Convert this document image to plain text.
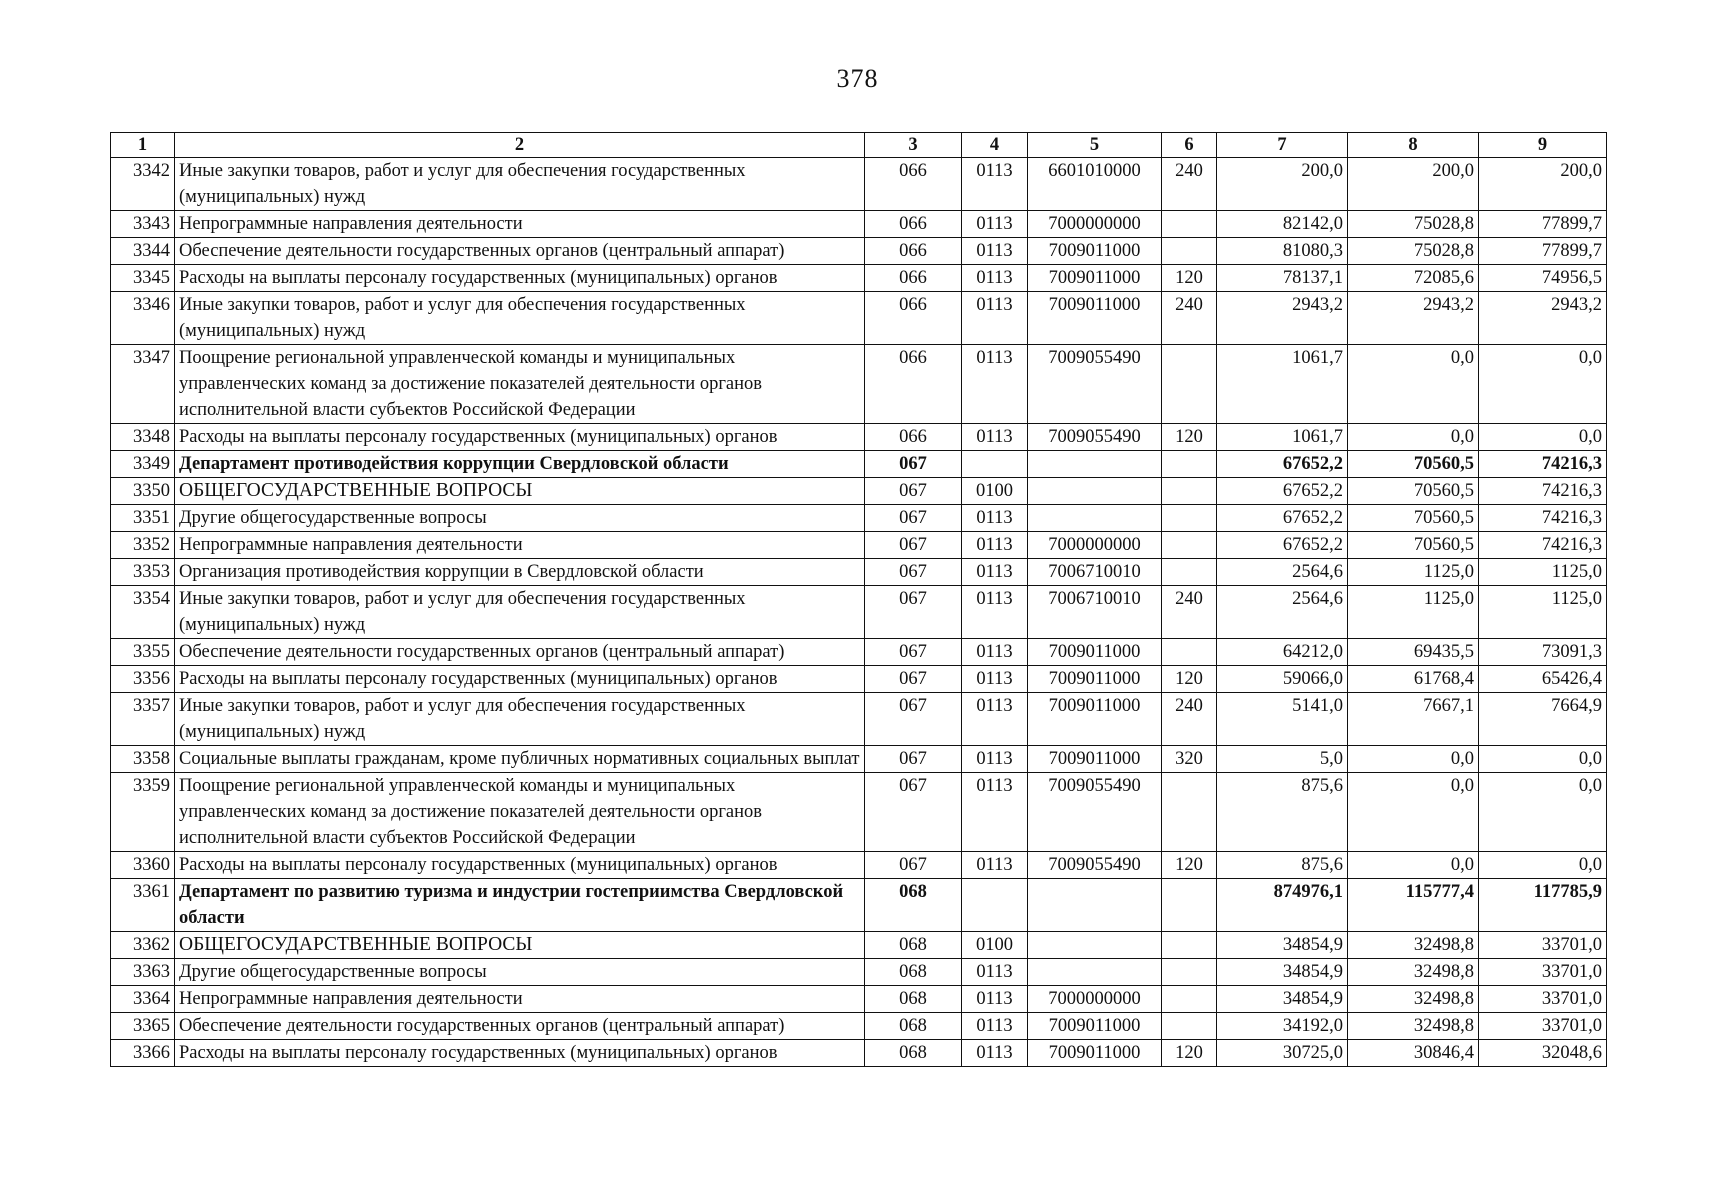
378
1	2	3	4	5	6	7	8	9
3342	Иные закупки товаров, работ и услуг для обеспечения государственных (муниципальных) нужд	066	0113	6601010000	240	200,0	200,0	200,0
3343	Непрограммные направления деятельности	066	0113	7000000000		82142,0	75028,8	77899,7
3344	Обеспечение деятельности государственных органов (центральный аппарат)	066	0113	7009011000		81080,3	75028,8	77899,7
3345	Расходы на выплаты персоналу государственных (муниципальных) органов	066	0113	7009011000	120	78137,1	72085,6	74956,5
3346	Иные закупки товаров, работ и услуг для обеспечения государственных (муниципальных) нужд	066	0113	7009011000	240	2943,2	2943,2	2943,2
3347	Поощрение региональной управленческой команды и муниципальных управленческих команд за достижение показателей деятельности органов исполнительной власти субъектов Российской Федерации	066	0113	7009055490		1061,7	0,0	0,0
3348	Расходы на выплаты персоналу государственных (муниципальных) органов	066	0113	7009055490	120	1061,7	0,0	0,0
3349	Департамент противодействия коррупции Свердловской области	067				67652,2	70560,5	74216,3
3350	ОБЩЕГОСУДАРСТВЕННЫЕ ВОПРОСЫ	067	0100			67652,2	70560,5	74216,3
3351	Другие общегосударственные вопросы	067	0113			67652,2	70560,5	74216,3
3352	Непрограммные направления деятельности	067	0113	7000000000		67652,2	70560,5	74216,3
3353	Организация противодействия коррупции в Свердловской области	067	0113	7006710010		2564,6	1125,0	1125,0
3354	Иные закупки товаров, работ и услуг для обеспечения государственных (муниципальных) нужд	067	0113	7006710010	240	2564,6	1125,0	1125,0
3355	Обеспечение деятельности государственных органов (центральный аппарат)	067	0113	7009011000		64212,0	69435,5	73091,3
3356	Расходы на выплаты персоналу государственных (муниципальных) органов	067	0113	7009011000	120	59066,0	61768,4	65426,4
3357	Иные закупки товаров, работ и услуг для обеспечения государственных (муниципальных) нужд	067	0113	7009011000	240	5141,0	7667,1	7664,9
3358	Социальные выплаты гражданам, кроме публичных нормативных социальных выплат	067	0113	7009011000	320	5,0	0,0	0,0
3359	Поощрение региональной управленческой команды и муниципальных управленческих команд за достижение показателей деятельности органов исполнительной власти субъектов Российской Федерации	067	0113	7009055490		875,6	0,0	0,0
3360	Расходы на выплаты персоналу государственных (муниципальных) органов	067	0113	7009055490	120	875,6	0,0	0,0
3361	Департамент по развитию туризма и индустрии гостеприимства Свердловской области	068				874976,1	115777,4	117785,9
3362	ОБЩЕГОСУДАРСТВЕННЫЕ ВОПРОСЫ	068	0100			34854,9	32498,8	33701,0
3363	Другие общегосударственные вопросы	068	0113			34854,9	32498,8	33701,0
3364	Непрограммные направления деятельности	068	0113	7000000000		34854,9	32498,8	33701,0
3365	Обеспечение деятельности государственных органов (центральный аппарат)	068	0113	7009011000		34192,0	32498,8	33701,0
3366	Расходы на выплаты персоналу государственных (муниципальных) органов	068	0113	7009011000	120	30725,0	30846,4	32048,6
